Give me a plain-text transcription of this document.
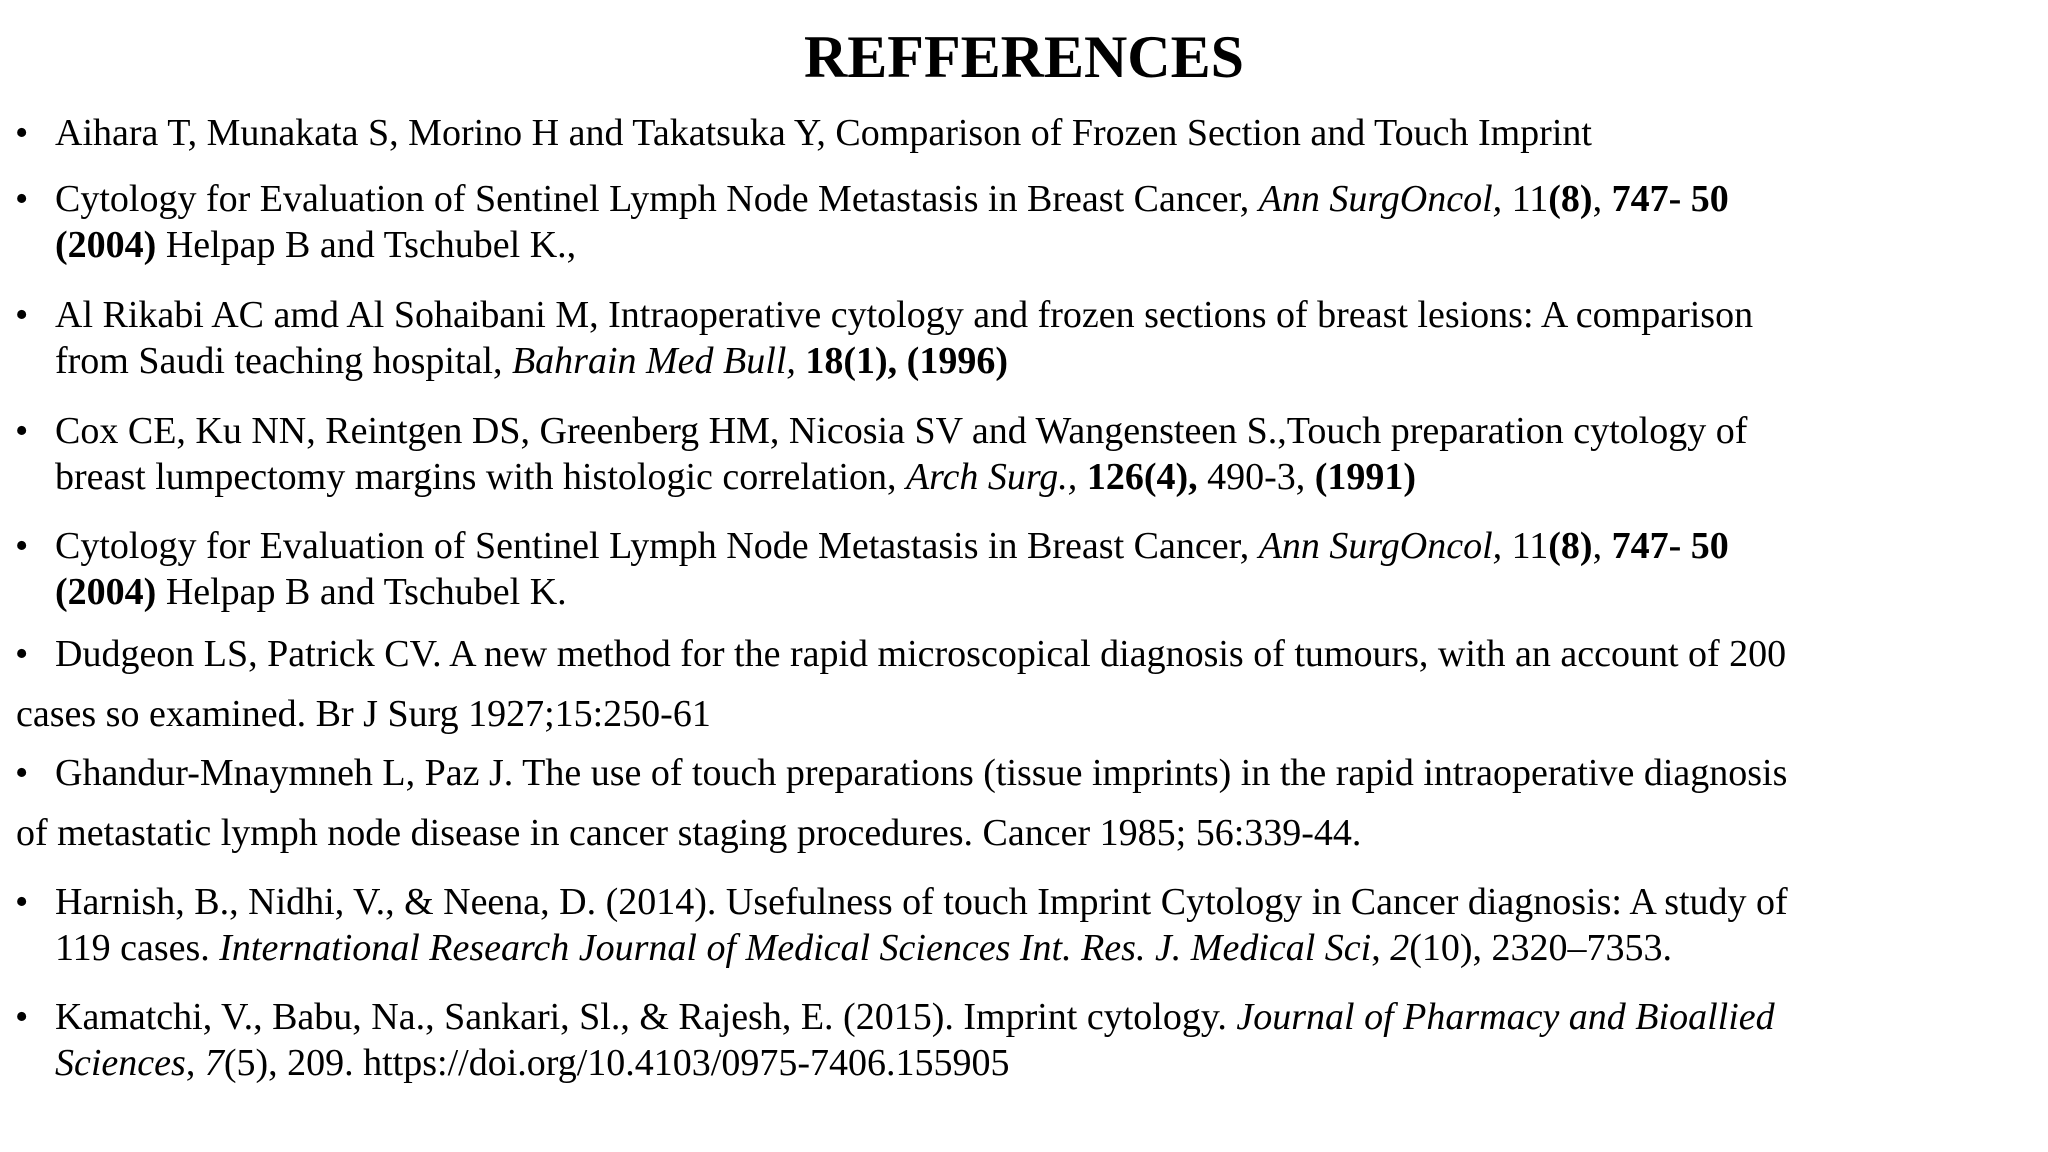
REFFERENCES
• Aihara T, Munakata S, Morino H and Takatsuka Y, Comparison of Frozen Section and Touch Imprint
• Cytology for Evaluation of Sentinel Lymph Node Metastasis in Breast Cancer, Ann SurgOncol, 11(8), 747- 50
(2004) Helpap B and Tschubel K.,
• Al Rikabi AC amd Al Sohaibani M, Intraoperative cytology and frozen sections of breast lesions: A comparison
from Saudi teaching hospital, Bahrain Med Bull, 18(1), (1996)
• Cox CE, Ku NN, Reintgen DS, Greenberg HM, Nicosia SV and Wangensteen S.,Touch preparation cytology of
breast lumpectomy margins with histologic correlation, Arch Surg., 126(4), 490-3, (1991)
• Cytology for Evaluation of Sentinel Lymph Node Metastasis in Breast Cancer, Ann SurgOncol, 11(8), 747- 50
(2004) Helpap B and Tschubel K.
• Dudgeon LS, Patrick CV. A new method for the rapid microscopical diagnosis of tumours, with an account of 200
cases so examined. Br J Surg 1927;15:250-61
• Ghandur-Mnaymneh L, Paz J. The use of touch preparations (tissue imprints) in the rapid intraoperative diagnosis
of metastatic lymph node disease in cancer staging procedures. Cancer 1985; 56:339-44.
• Harnish, B., Nidhi, V., & Neena, D. (2014). Usefulness of touch Imprint Cytology in Cancer diagnosis: A study of
119 cases. International Research Journal of Medical Sciences Int. Res. J. Medical Sci, 2(10), 2320–7353.
• Kamatchi, V., Babu, Na., Sankari, Sl., & Rajesh, E. (2015). Imprint cytology. Journal of Pharmacy and Bioallied
Sciences, 7(5), 209. https://doi.org/10.4103/0975-7406.155905
